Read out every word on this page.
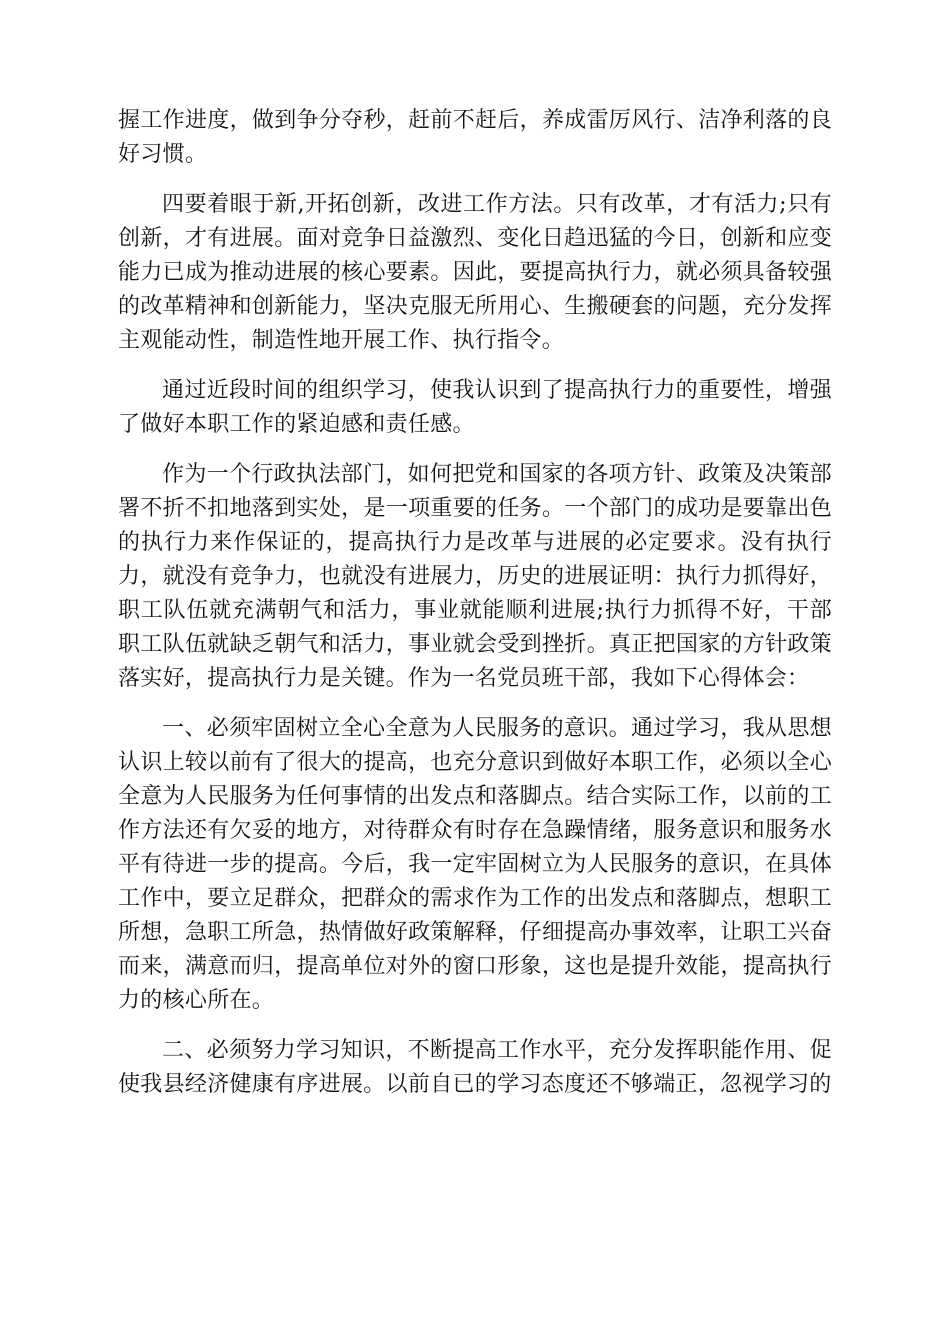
握工作进度，做到争分夺秒，赶前不赶后，养成雷厉风行、洁净利落的良好习惯。

四要着眼于新,开拓创新，改进工作方法。只有改革，才有活力;只有创新，才有进展。面对竞争日益激烈、变化日趋迅猛的今日，创新和应变能力已成为推动进展的核心要素。因此，要提高执行力，就必须具备较强的改革精神和创新能力，坚决克服无所用心、生搬硬套的问题，充分发挥主观能动性，制造性地开展工作、执行指令。

通过近段时间的组织学习，使我认识到了提高执行力的重要性，增强了做好本职工作的紧迫感和责任感。

作为一个行政执法部门，如何把党和国家的各项方针、政策及决策部署不折不扣地落到实处，是一项重要的任务。一个部门的成功是要靠出色的执行力来作保证的，提高执行力是改革与进展的必定要求。没有执行力，就没有竞争力，也就没有进展力，历史的进展证明：执行力抓得好，职工队伍就充满朝气和活力，事业就能顺利进展;执行力抓得不好，干部职工队伍就缺乏朝气和活力，事业就会受到挫折。真正把国家的方针政策落实好，提高执行力是关键。作为一名党员班干部，我如下心得体会：

一、必须牢固树立全心全意为人民服务的意识。通过学习，我从思想认识上较以前有了很大的提高，也充分意识到做好本职工作，必须以全心全意为人民服务为任何事情的出发点和落脚点。结合实际工作，以前的工作方法还有欠妥的地方，对待群众有时存在急躁情绪，服务意识和服务水平有待进一步的提高。今后，我一定牢固树立为人民服务的意识，在具体工作中，要立足群众，把群众的需求作为工作的出发点和落脚点，想职工所想，急职工所急，热情做好政策解释，仔细提高办事效率，让职工兴奋而来，满意而归，提高单位对外的窗口形象，这也是提升效能，提高执行力的核心所在。

二、必须努力学习知识，不断提高工作水平，充分发挥职能作用、促使我县经济健康有序进展。以前自已的学习态度还不够端正，忽视学习的
